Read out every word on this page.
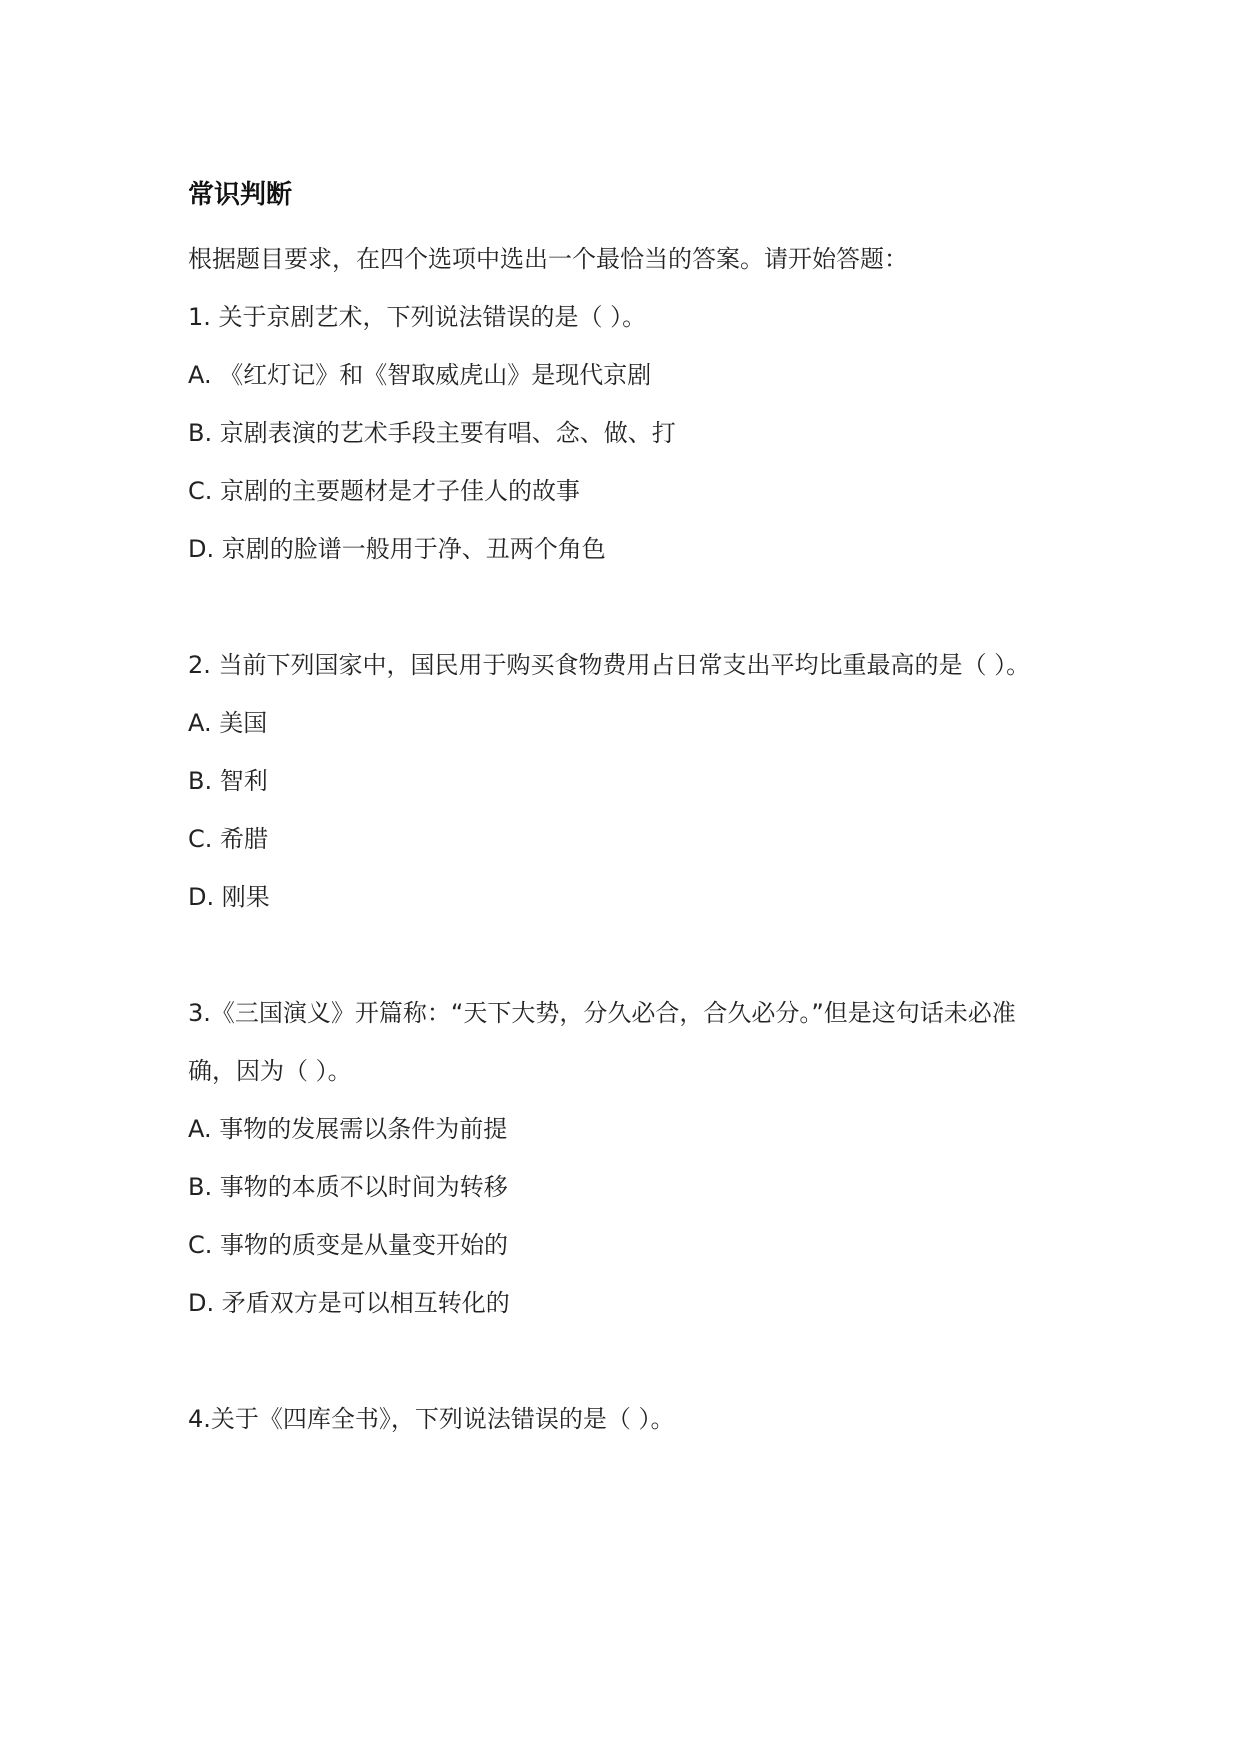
常识判断

根据题目要求，在四个选项中选出一个最恰当的答案。请开始答题：

1. 关于京剧艺术，下列说法错误的是（ ）。

A. 《红灯记》和《智取威虎山》是现代京剧

B. 京剧表演的艺术手段主要有唱、念、做、打

C. 京剧的主要题材是才子佳人的故事

D. 京剧的脸谱一般用于净、丑两个角色

2. 当前下列国家中，国民用于购买食物费用占日常支出平均比重最高的是（ ）。

A. 美国

B. 智利

C. 希腊

D. 刚果

3.《三国演义》开篇称：“天下大势，分久必合，合久必分。”但是这句话未必准

确，因为（ ）。

A. 事物的发展需以条件为前提

B. 事物的本质不以时间为转移

C. 事物的质变是从量变开始的

D. 矛盾双方是可以相互转化的

4.关于《四库全书》，下列说法错误的是（ ）。
